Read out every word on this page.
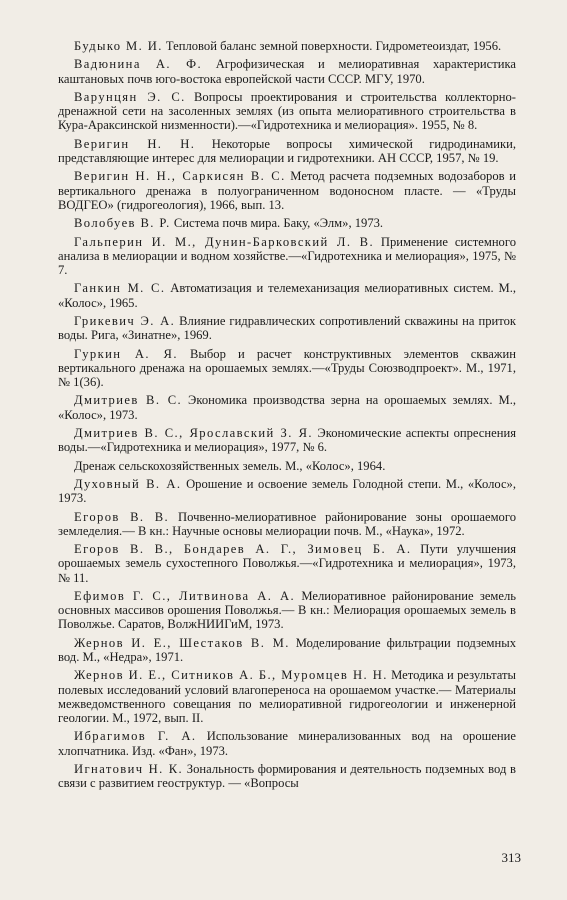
Будыко М. И. Тепловой баланс земной поверхности. Гидрометеоиздат, 1956.

Вадюнина А. Ф. Агрофизическая и мелиоративная характеристика каштановых почв юго-востока европейской части СССР. МГУ, 1970.

Варунцян Э. С. Вопросы проектирования и строительства коллекторно-дренажной сети на засоленных землях (из опыта мелиоративного строительства в Кура-Араксинской низменности).—«Гидротехника и мелиорация». 1955, № 8.

Веригин Н. Н. Некоторые вопросы химической гидродинамики, представляющие интерес для мелиорации и гидротехники. АН СССР, 1957, № 19.

Веригин Н. Н., Саркисян В. С. Метод расчета подземных водозаборов и вертикального дренажа в полуограниченном водоносном пласте. — «Труды ВОДГЕО» (гидрогеология), 1966, вып. 13.

Волобуев В. Р. Система почв мира. Баку, «Элм», 1973.

Гальперин И. М., Дунин-Барковский Л. В. Применение системного анализа в мелиорации и водном хозяйстве.—«Гидротехника и мелиорация», 1975, № 7.

Ганкин М. С. Автоматизация и телемеханизация мелиоративных систем. М., «Колос», 1965.

Грикевич Э. А. Влияние гидравлических сопротивлений скважины на приток воды. Рига, «Зинатне», 1969.

Гуркин А. Я. Выбор и расчет конструктивных элементов скважин вертикального дренажа на орошаемых землях.—«Труды Союзводпроект». М., 1971, № 1(36).

Дмитриев В. С. Экономика производства зерна на орошаемых землях. М., «Колос», 1973.

Дмитриев В. С., Ярославский З. Я. Экономические аспекты опреснения воды.—«Гидротехника и мелиорация», 1977, № 6.

Дренаж сельскохозяйственных земель. М., «Колос», 1964.

Духовный В. А. Орошение и освоение земель Голодной степи. М., «Колос», 1973.

Егоров В. В. Почвенно-мелиоративное районирование зоны орошаемого земледелия.— В кн.: Научные основы мелиорации почв. М., «Наука», 1972.

Егоров В. В., Бондарев А. Г., Зимовец Б. А. Пути улучшения орошаемых земель сухостепного Поволжья.—«Гидротехника и мелиорация», 1973, № 11.

Ефимов Г. С., Литвинова А. А. Мелиоративное районирование земель основных массивов орошения Поволжья.— В кн.: Мелиорация орошаемых земель в Поволжье. Саратов, ВолжНИИГиМ, 1973.

Жернов И. Е., Шестаков В. М. Моделирование фильтрации подземных вод. М., «Недра», 1971.

Жернов И. Е., Ситников А. Б., Муромцев Н. Н. Методика и результаты полевых исследований условий влагопереноса на орошаемом участке.— Материалы межведомственного совещания по мелиоративной гидрогеологии и инженерной геологии. М., 1972, вып. II.

Ибрагимов Г. А. Использование минерализованных вод на орошение хлопчатника. Изд. «Фан», 1973.

Игнатович Н. К. Зональность формирования и деятельность подземных вод в связи с развитием геоструктур. — «Вопросы

313
